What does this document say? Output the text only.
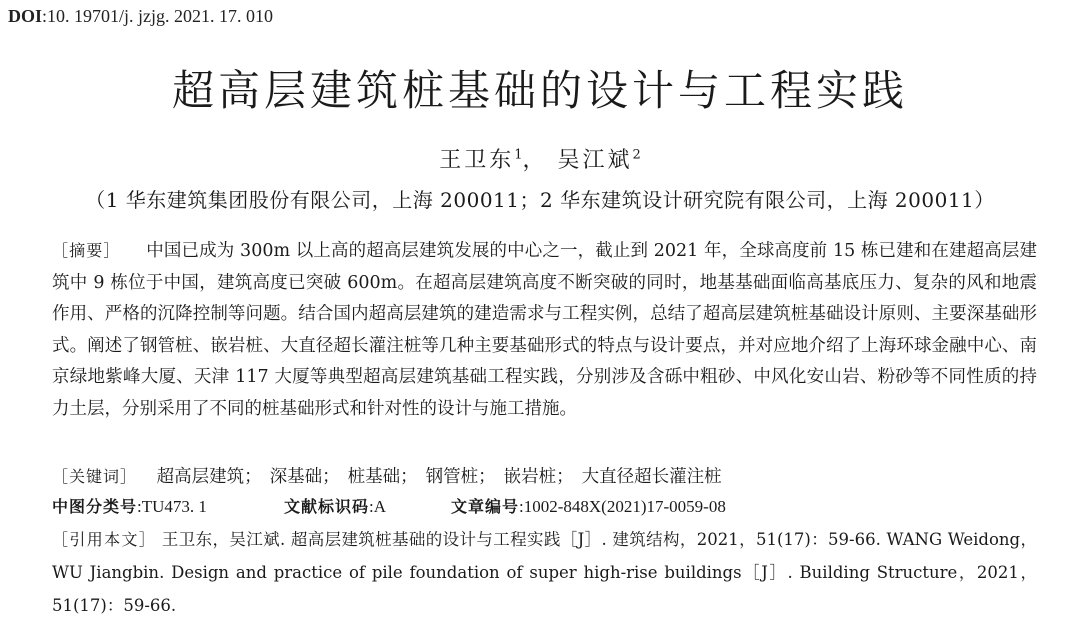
DOI:10. 19701/j. jzjg. 2021. 17. 010
超高层建筑桩基础的设计与工程实践
王卫东$^1$， 吴江斌$^2$
（1 华东建筑集团股份有限公司，上海 200011；2 华东建筑设计研究院有限公司，上海 200011）
［摘要］ 中国已成为 300m 以上高的超高层建筑发展的中心之一，截止到 2021 年，全球高度前 15 栋已建和在建超高层建筑中 9 栋位于中国，建筑高度已突破 600m。在超高层建筑高度不断突破的同时，地基基础面临高基底压力、复杂的风和地震作用、严格的沉降控制等问题。结合国内超高层建筑的建造需求与工程实例，总结了超高层建筑桩基础设计原则、主要深基础形式。阐述了钢管桩、嵌岩桩、大直径超长灌注桩等几种主要基础形式的特点与设计要点，并对应地介绍了上海环球金融中心、南京绿地紫峰大厦、天津 117 大厦等典型超高层建筑基础工程实践，分别涉及含砾中粗砂、中风化安山岩、粉砂等不同性质的持力土层，分别采用了不同的桩基础形式和针对性的设计与施工措施。
［关键词］ 超高层建筑； 深基础； 桩基础； 钢管桩； 嵌岩桩； 大直径超长灌注桩
中图分类号:TU473. 1	文献标识码:A	文章编号:1002-848X(2021)17-0059-08
［引用本文］ 王卫东，吴江斌. 超高层建筑桩基础的设计与工程实践［J］. 建筑结构，2021，51(17)：59-66. WANG Weidong，WU Jiangbin. Design and practice of pile foundation of super high-rise buildings［J］. Building Structure，2021，51(17)：59-66.
